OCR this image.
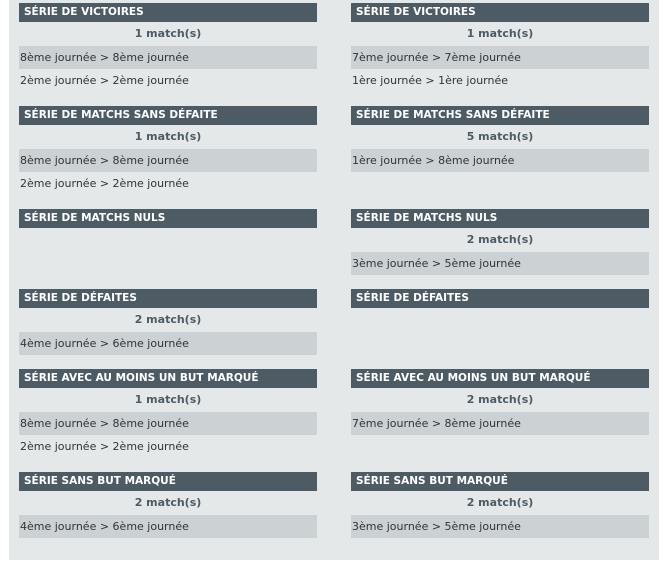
SÉRIE DE VICTOIRES
1 match(s)
8ème journée > 8ème journée
2ème journée > 2ème journée
SÉRIE DE MATCHS SANS DÉFAITE
1 match(s)
8ème journée > 8ème journée
2ème journée > 2ème journée
SÉRIE DE MATCHS NULS
SÉRIE DE DÉFAITES
2 match(s)
4ème journée > 6ème journée
SÉRIE AVEC AU MOINS UN BUT MARQUÉ
1 match(s)
8ème journée > 8ème journée
2ème journée > 2ème journée
SÉRIE SANS BUT MARQUÉ
2 match(s)
4ème journée > 6ème journée
SÉRIE DE VICTOIRES
1 match(s)
7ème journée > 7ème journée
1ère journée > 1ère journée
SÉRIE DE MATCHS SANS DÉFAITE
5 match(s)
1ère journée > 8ème journée
SÉRIE DE MATCHS NULS
2 match(s)
3ème journée > 5ème journée
SÉRIE DE DÉFAITES
SÉRIE AVEC AU MOINS UN BUT MARQUÉ
2 match(s)
7ème journée > 8ème journée
SÉRIE SANS BUT MARQUÉ
2 match(s)
3ème journée > 5ème journée
